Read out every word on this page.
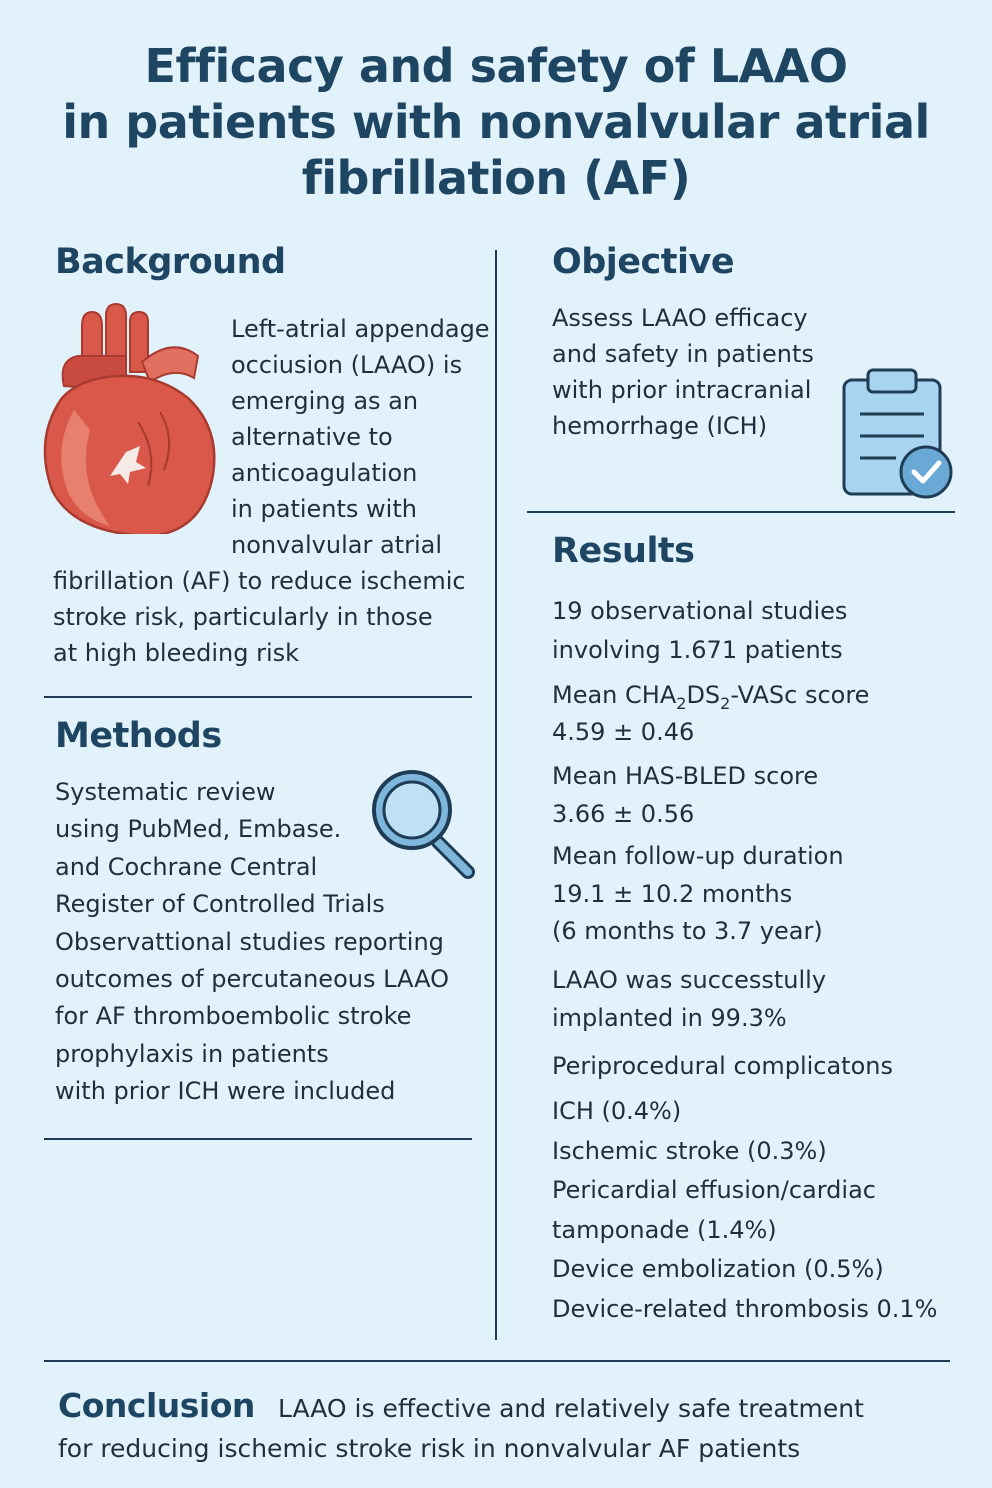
Efficacy and safety of LAAO
in patients with nonvalvular atrial
fibrillation (AF)
Background
Left-atrial appendage
occiusion (LAAO) is
emerging as an
alternative to
anticoagulation
in patients with
nonvalvular atrial
fibrillation (AF) to reduce ischemic
stroke risk, particularly in those
at high bleeding risk
Methods
Systematic review
using PubMed, Embase.
and Cochrane Central
Register of Controlled Trials
Observattional studies reporting
outcomes of percutaneous LAAO
for AF thromboembolic stroke
prophylaxis in patients
with prior ICH were included
Objective
Assess LAAO efficacy
and safety in patients
with prior intracranial
hemorrhage (ICH)
Results
19 observational studies
involving 1.671 patients
Mean $CHA_2DS_2$-VASc score
4.59 ± 0.46
Mean HAS-BLED score
3.66 ± 0.56
Mean follow-up duration
19.1 ± 10.2 months
(6 months to 3.7 year)
LAAO was successtully
implanted in 99.3%
Periprocedural complicatons
ICH (0.4%)
Ischemic stroke (0.3%)
Pericardial effusion/cardiac
tamponade (1.4%)
Device embolization (0.5%)
Device-related thrombosis 0.1%
Conclusion LAAO is effective and relatively safe treatment
for reducing ischemic stroke risk in nonvalvular AF patients
